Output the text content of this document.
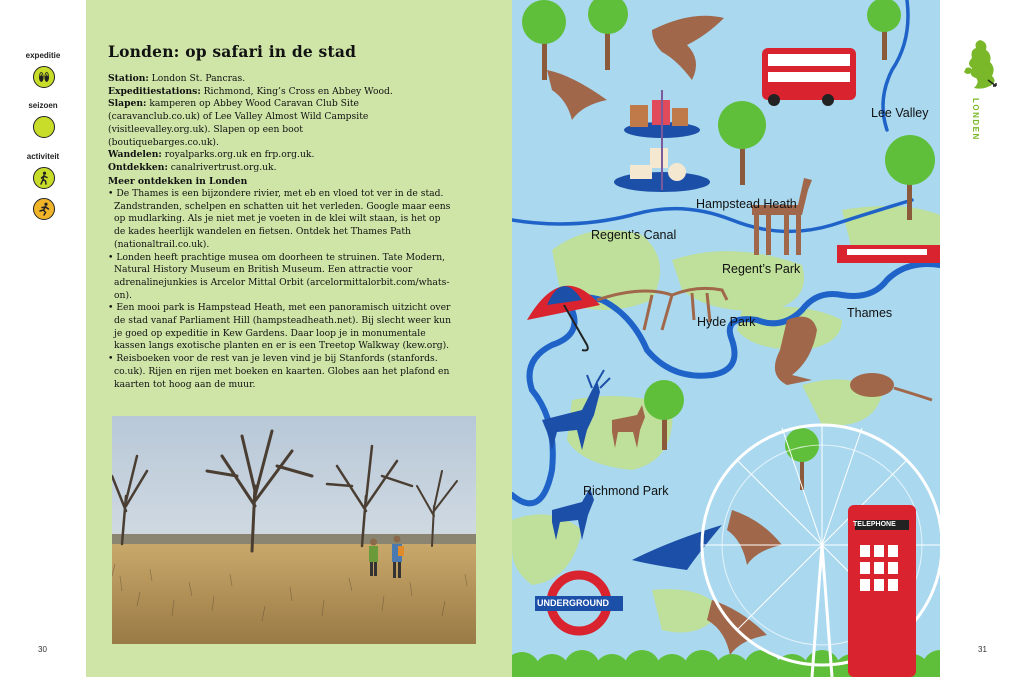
expeditie
seizoen
activiteit
30
Londen: op safari in de stad
Station: London St. Pancras.
Expeditiestations: Richmond, King’s Cross en Abbey Wood.
Slapen: kamperen op Abbey Wood Caravan Club Site (caravanclub.co.uk) of Lee Valley Almost Wild Campsite (visitleevalley.org.uk). Slapen op een boot (boutiquebarges.co.uk).
Wandelen: royalparks.org.uk en frp.org.uk.
Ontdekken: canalrivertrust.org.uk.
Meer ontdekken in Londen
• De Thames is een bijzondere rivier, met eb en vloed tot ver in de stad. Zandstranden, schelpen en schatten uit het verleden. Google maar eens op mudlarking. Als je niet met je voeten in de klei wilt staan, is het op de kades heerlijk wandelen en fietsen. Ontdek het Thames Path (nationaltrail.co.uk).
• Londen heeft prachtige musea om doorheen te struinen. Tate Modern, Natural History Museum en British Museum. Een attractie voor adrenalinejunkies is Arcelor Mittal Orbit (arcelormittalorbit.com/whats-on).
• Een mooi park is Hampstead Heath, met een panoramisch uitzicht over de stad vanaf Parliament Hill (hampsteadheath.net). Bij slecht weer kun je goed op expeditie in Kew Gardens. Daar loop je in monumentale kassen langs exotische planten en er is een Treetop Walkway (kew.org).
• Reisboeken voor de rest van je leven vind je bij Stanfords (stanfords. co.uk). Rijen en rijen met boeken en kaarten. Globes aan het plafond en kaarten tot hoog aan de muur.
Lee Valley
Hampstead Heath
Regent’s Canal
Regent’s Park
Thames
Hyde Park
Richmond Park
UNDERGROUND
TELEPHONE
LONDEN
31
